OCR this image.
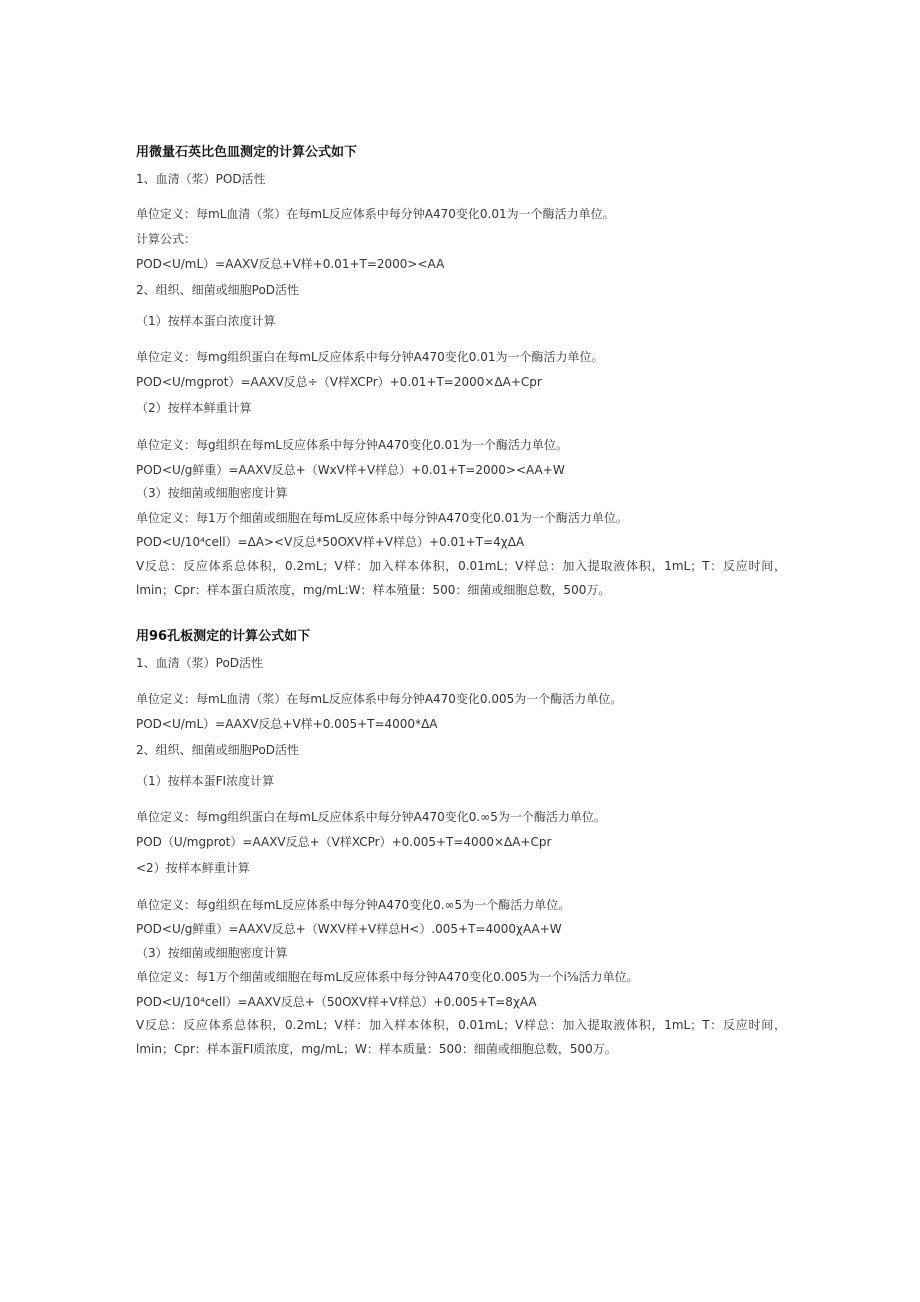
用微量石英比色皿测定的计算公式如下
1、血清（浆）POD活性
单位定义：每mL血清（浆）在每mL反应体系中每分钟A470变化0.01为一个酶活力单位。
计算公式：
POD<U/mL）=AAXV反总+V样+0.01+T=2000><AA
2、组织、细菌或细胞PoD活性
（1）按样本蛋白浓度计算
单位定义：每mg组织蛋白在每mL反应体系中每分钟A470变化0.01为一个酶活力单位。
POD<U/mgprot）=AAXV反总÷（V样XCPr）+0.01+T=2000×ΔA+Cpr
（2）按样本鲜重计算
单位定义：每g组织在每mL反应体系中每分钟A470变化0.01为一个酶活力单位。
POD<U/g鲜重）=AAXV反总+（WxV样+V样总）+0.01+T=2000><AA+W
（3）按细菌或细胞密度计算
单位定义：每1万个细菌或细胞在每mL反应体系中每分钟A470变化0.01为一个酶活力单位。
POD<U/10⁴cell）=ΔA><V反总*50OXV样+V样总）+0.01+T=4χΔA
V反总：反应体系总体积，0.2mL；V样：加入样本体积，0.01mL；V样总：加入提取液体积，1mL；T：反应时间，lmin；Cpr：样本蛋白质浓度，mg/mL:W：样本殖量：500：细菌或细胞总数，500万。
用96孔板测定的计算公式如下
1、血清（浆）PoD活性
单位定义：每mL血清（浆）在每mL反应体系中每分钟A470变化0.005为一个酶活力单位。
POD<U/mL）=AAXV反总+V样+0.005+T=4000*ΔA
2、组织、细菌或细胞PoD活性
（1）按样本蛋FI浓度计算
单位定义：每mg组织蛋白在每mL反应体系中每分钟A470变化0.∞5为一个酶活力单位。
POD（U/mgprot）=AAXV反总+（V样XCPr）+0.005+T=4000×ΔA+Cpr
<2）按样本鲜重计算
单位定义：每g组织在每mL反应体系中每分钟A470变化0.∞5为一个酶活力单位。
POD<U/g鲜重）=AAXV反总+（WXV样+V样总H<）.005+T=4000χAA+W
（3）按细菌或细胞密度计算
单位定义：每1万个细菌或细胞在每mL反应体系中每分钟A470变化0.005为一个i⅝活力单位。
POD<U/10⁴cell）=AAXV反总+（50OXV样+V样总）+0.005+T=8χAA
V反总：反应体系总体积，0.2mL；V样：加入样本体积，0.01mL；V样总：加入提取液体积，1mL；T：反应时间，lmin；Cpr：样本蛋FI质浓度，mg/mL；W：样本质量：500：细菌或细胞总数，500万。
